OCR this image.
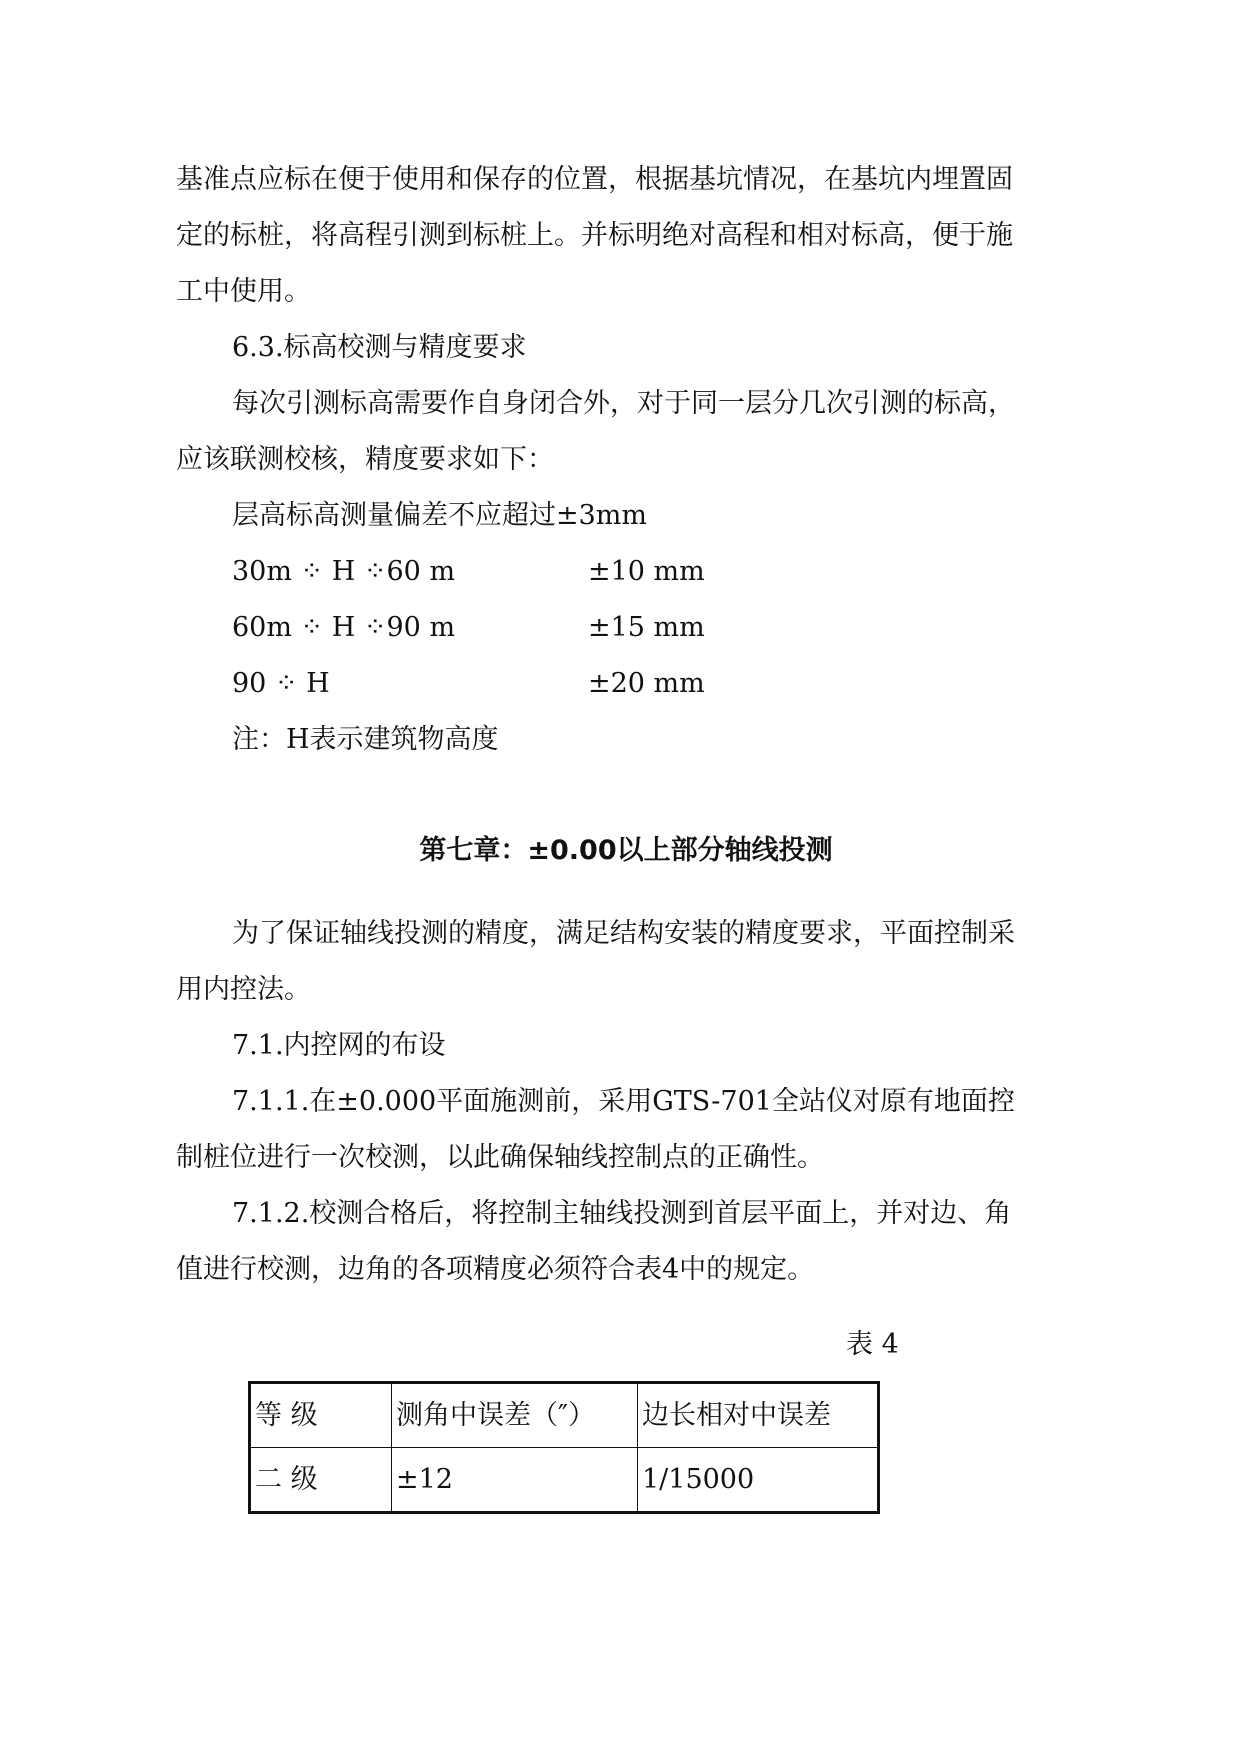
基准点应标在便于使用和保存的位置，根据基坑情况，在基坑内埋置固
定的标桩，将高程引测到标桩上。并标明绝对高程和相对标高，便于施
工中使用。
6.3.标高校测与精度要求
每次引测标高需要作自身闭合外，对于同一层分几次引测的标高，
应该联测校核，精度要求如下：
层高标高测量偏差不应超过±3mm
30m ⁘ H ⁘60 m	±10 mm
60m ⁘ H ⁘90 m	±15 mm
90 ⁘ H	±20 mm
注：H表示建筑物高度
第七章：±0.00以上部分轴线投测
为了保证轴线投测的精度，满足结构安装的精度要求，平面控制采
用内控法。
7.1.内控网的布设
7.1.1.在±0.000平面施测前，采用GTS-701全站仪对原有地面控
制桩位进行一次校测，以此确保轴线控制点的正确性。
7.1.2.校测合格后，将控制主轴线投测到首层平面上，并对边、角
值进行校测，边角的各项精度必须符合表4中的规定。
表 4
等 级	测角中误差（″）	边长相对中误差
二 级	±12	1/15000
